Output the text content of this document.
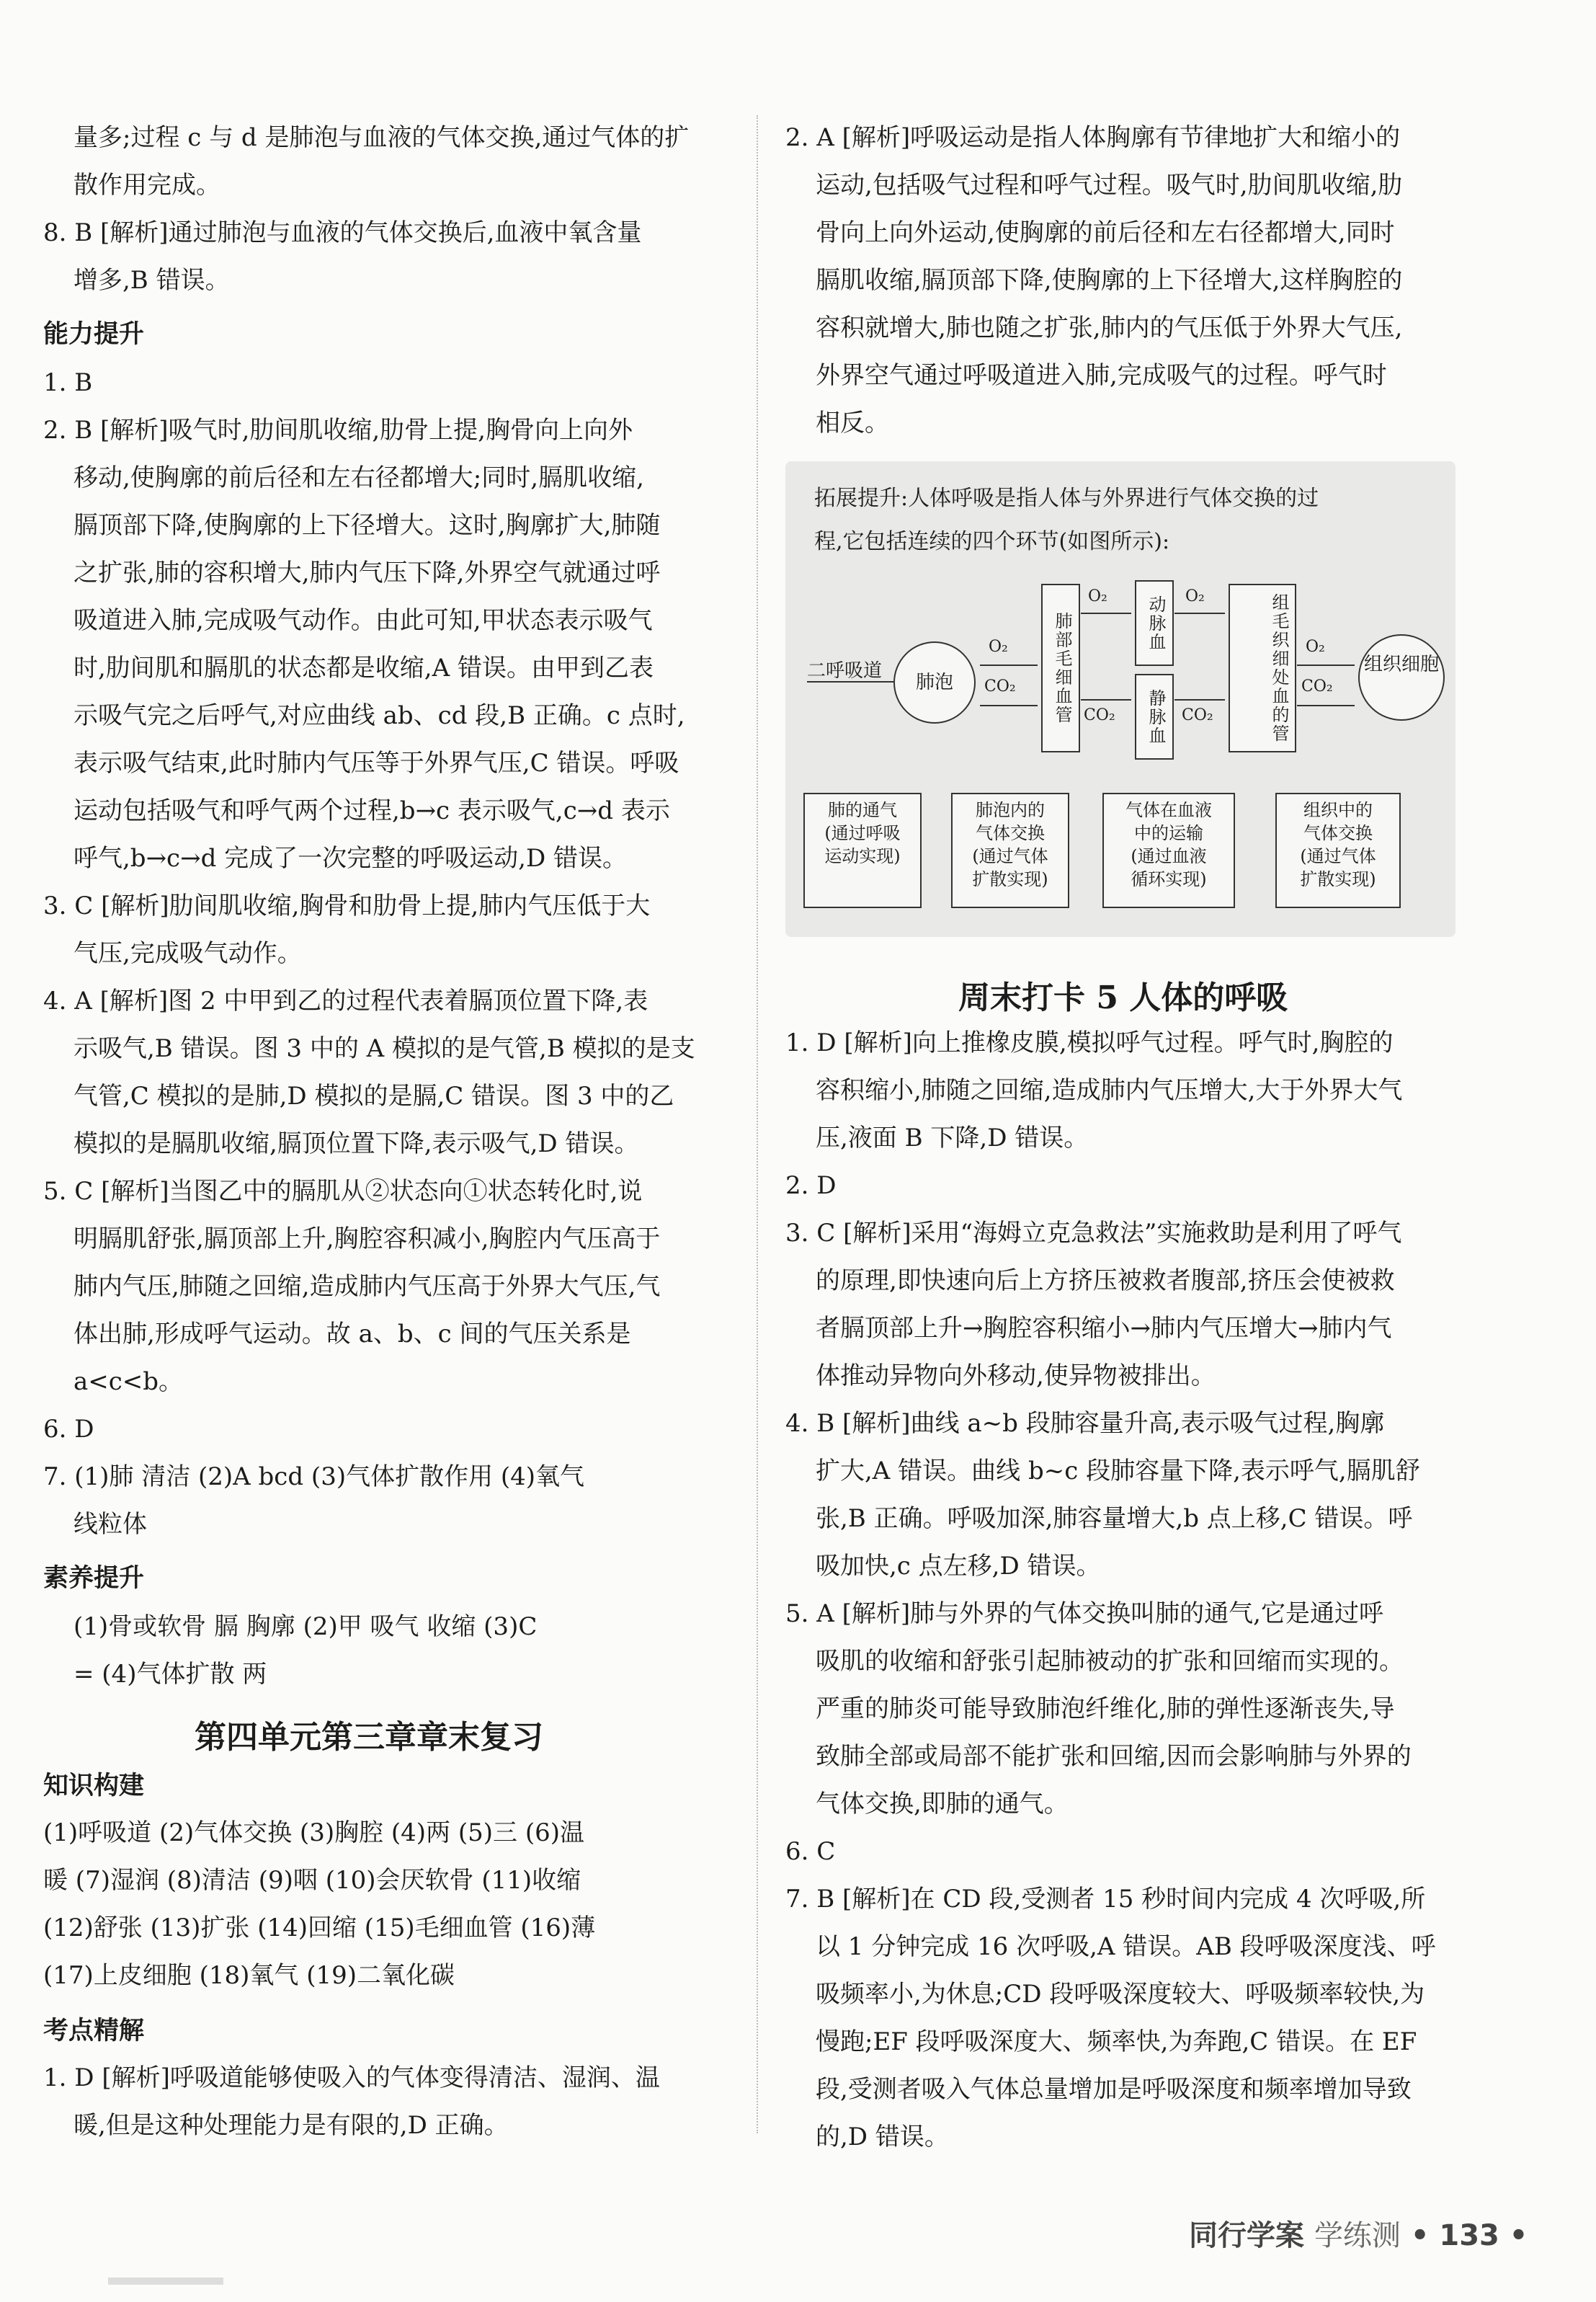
量多;过程 c 与 d 是肺泡与血液的气体交换,通过气体的扩
散作用完成。
8. B [解析]通过肺泡与血液的气体交换后,血液中氧含量
增多,B 错误。
能力提升
1. B
2. B [解析]吸气时,肋间肌收缩,肋骨上提,胸骨向上向外
移动,使胸廓的前后径和左右径都增大;同时,膈肌收缩,
膈顶部下降,使胸廓的上下径增大。这时,胸廓扩大,肺随
之扩张,肺的容积增大,肺内气压下降,外界空气就通过呼
吸道进入肺,完成吸气动作。由此可知,甲状态表示吸气
时,肋间肌和膈肌的状态都是收缩,A 错误。由甲到乙表
示吸气完之后呼气,对应曲线 ab、cd 段,B 正确。c 点时,
表示吸气结束,此时肺内气压等于外界气压,C 错误。呼吸
运动包括吸气和呼气两个过程,b→c 表示吸气,c→d 表示
呼气,b→c→d 完成了一次完整的呼吸运动,D 错误。
3. C [解析]肋间肌收缩,胸骨和肋骨上提,肺内气压低于大
气压,完成吸气动作。
4. A [解析]图 2 中甲到乙的过程代表着膈顶位置下降,表
示吸气,B 错误。图 3 中的 A 模拟的是气管,B 模拟的是支
气管,C 模拟的是肺,D 模拟的是膈,C 错误。图 3 中的乙
模拟的是膈肌收缩,膈顶位置下降,表示吸气,D 错误。
5. C [解析]当图乙中的膈肌从②状态向①状态转化时,说
明膈肌舒张,膈顶部上升,胸腔容积减小,胸腔内气压高于
肺内气压,肺随之回缩,造成肺内气压高于外界大气压,气
体出肺,形成呼气运动。故 a、b、c 间的气压关系是
a<c<b。
6. D
7. (1)肺 清洁 (2)A bcd (3)气体扩散作用 (4)氧气
线粒体
素养提升
(1)骨或软骨 膈 胸廓 (2)甲 吸气 收缩 (3)C
= (4)气体扩散 两
第四单元第三章章末复习
知识构建
(1)呼吸道 (2)气体交换 (3)胸腔 (4)两 (5)三 (6)温
暖 (7)湿润 (8)清洁 (9)咽 (10)会厌软骨 (11)收缩
(12)舒张 (13)扩张 (14)回缩 (15)毛细血管 (16)薄
(17)上皮细胞 (18)氧气 (19)二氧化碳
考点精解
1. D [解析]呼吸道能够使吸入的气体变得清洁、湿润、温
暖,但是这种处理能力是有限的,D 正确。
2. A [解析]呼吸运动是指人体胸廓有节律地扩大和缩小的
运动,包括吸气过程和呼气过程。吸气时,肋间肌收缩,肋
骨向上向外运动,使胸廓的前后径和左右径都增大,同时
膈肌收缩,膈顶部下降,使胸廓的上下径增大,这样胸腔的
容积就增大,肺也随之扩张,肺内的气压低于外界大气压,
外界空气通过呼吸道进入肺,完成吸气的过程。呼气时
相反。
拓展提升:人体呼吸是指人体与外界进行气体交换的过
程,它包括连续的四个环节(如图所示):
二呼吸道
肺泡
O₂
CO₂	肺部毛细血管
O₂	动脉血	O₂
CO₂	静脉血	CO₂	组毛织细处血的管	O₂
CO₂
组织细胞
肺的通气
(通过呼吸
运动实现)
肺泡内的
气体交换
(通过气体
扩散实现)
气体在血液
中的运输
(通过血液
循环实现)
组织中的
气体交换
(通过气体
扩散实现)
周末打卡 5 人体的呼吸
1. D [解析]向上推橡皮膜,模拟呼气过程。呼气时,胸腔的
容积缩小,肺随之回缩,造成肺内气压增大,大于外界大气
压,液面 B 下降,D 错误。
2. D
3. C [解析]采用“海姆立克急救法”实施救助是利用了呼气
的原理,即快速向后上方挤压被救者腹部,挤压会使被救
者膈顶部上升→胸腔容积缩小→肺内气压增大→肺内气
体推动异物向外移动,使异物被排出。
4. B [解析]曲线 a~b 段肺容量升高,表示吸气过程,胸廓
扩大,A 错误。曲线 b~c 段肺容量下降,表示呼气,膈肌舒
张,B 正确。呼吸加深,肺容量增大,b 点上移,C 错误。呼
吸加快,c 点左移,D 错误。
5. A [解析]肺与外界的气体交换叫肺的通气,它是通过呼
吸肌的收缩和舒张引起肺被动的扩张和回缩而实现的。
严重的肺炎可能导致肺泡纤维化,肺的弹性逐渐丧失,导
致肺全部或局部不能扩张和回缩,因而会影响肺与外界的
气体交换,即肺的通气。
6. C
7. B [解析]在 CD 段,受测者 15 秒时间内完成 4 次呼吸,所
以 1 分钟完成 16 次呼吸,A 错误。AB 段呼吸深度浅、呼
吸频率小,为休息;CD 段呼吸深度较大、呼吸频率较快,为
慢跑;EF 段呼吸深度大、频率快,为奔跑,C 错误。在 EF
段,受测者吸入气体总量增加是呼吸深度和频率增加导致
的,D 错误。
同行学案 学练测 • 133 •
